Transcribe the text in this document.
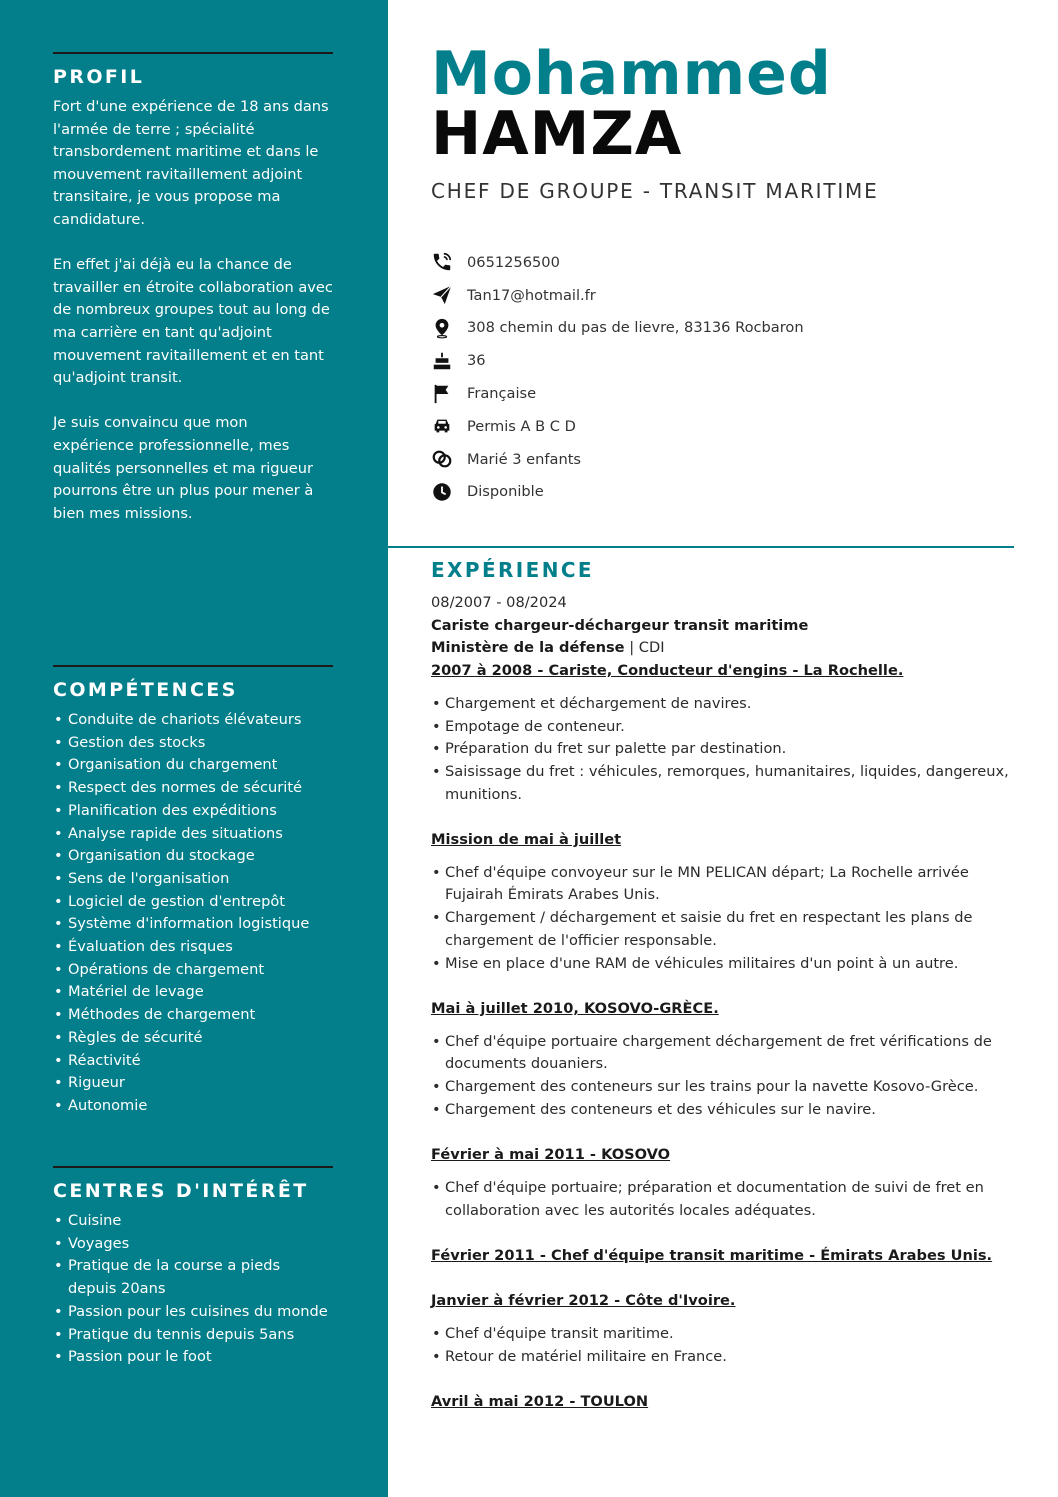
PROFIL

Fort d'une expérience de 18 ans dans l'armée de terre ; spécialité transbordement maritime et dans le mouvement ravitaillement adjoint transitaire, je vous propose ma candidature.

En effet j'ai déjà eu la chance de travailler en étroite collaboration avec de nombreux groupes tout au long de ma carrière en tant qu'adjoint mouvement ravitaillement et en tant qu'adjoint transit.

Je suis convaincu que mon expérience professionnelle, mes qualités personnelles et ma rigueur pourrons être un plus pour mener à bien mes missions.

COMPÉTENCES
• Conduite de chariots élévateurs
• Gestion des stocks
• Organisation du chargement
• Respect des normes de sécurité
• Planification des expéditions
• Analyse rapide des situations
• Organisation du stockage
• Sens de l'organisation
• Logiciel de gestion d'entrepôt
• Système d'information logistique
• Évaluation des risques
• Opérations de chargement
• Matériel de levage
• Méthodes de chargement
• Règles de sécurité
• Réactivité
• Rigueur
• Autonomie
CENTRES D'INTÉRÊT
• Cuisine
• Voyages
• Pratique de la course a pieds depuis 20ans
• Passion pour les cuisines du monde
• Pratique du tennis depuis 5ans
• Passion pour le foot
Mohammed
HAMZA
CHEF DE GROUPE - TRANSIT MARITIME
0651256500
Tan17@hotmail.fr
308 chemin du pas de lievre, 83136 Rocbaron
36
Française
Permis A B C D
Marié 3 enfants
Disponible
EXPÉRIENCE
08/2007 - 08/2024
Cariste chargeur-déchargeur transit maritime
Ministère de la défense | CDI
2007 à 2008 - Cariste, Conducteur d'engins - La Rochelle.
• Chargement et déchargement de navires.
• Empotage de conteneur.
• Préparation du fret sur palette par destination.
• Saisissage du fret : véhicules, remorques, humanitaires, liquides, dangereux, munitions.
Mission de mai à juillet
• Chef d'équipe convoyeur sur le MN PELICAN départ; La Rochelle arrivée Fujairah Émirats Arabes Unis.
• Chargement / déchargement et saisie du fret en respectant les plans de chargement de l'officier responsable.
• Mise en place d'une RAM de véhicules militaires d'un point à un autre.
Mai à juillet 2010, KOSOVO-GRÈCE.
• Chef d'équipe portuaire chargement déchargement de fret vérifications de documents douaniers.
• Chargement des conteneurs sur les trains pour la navette Kosovo-Grèce.
• Chargement des conteneurs et des véhicules sur le navire.
Février à mai 2011 - KOSOVO
• Chef d'équipe portuaire; préparation et documentation de suivi de fret en collaboration avec les autorités locales adéquates.
Février 2011 - Chef d'équipe transit maritime - Émirats Arabes Unis.
Janvier à février 2012 - Côte d'Ivoire.
• Chef d'équipe transit maritime.
• Retour de matériel militaire en France.
Avril à mai 2012 - TOULON
